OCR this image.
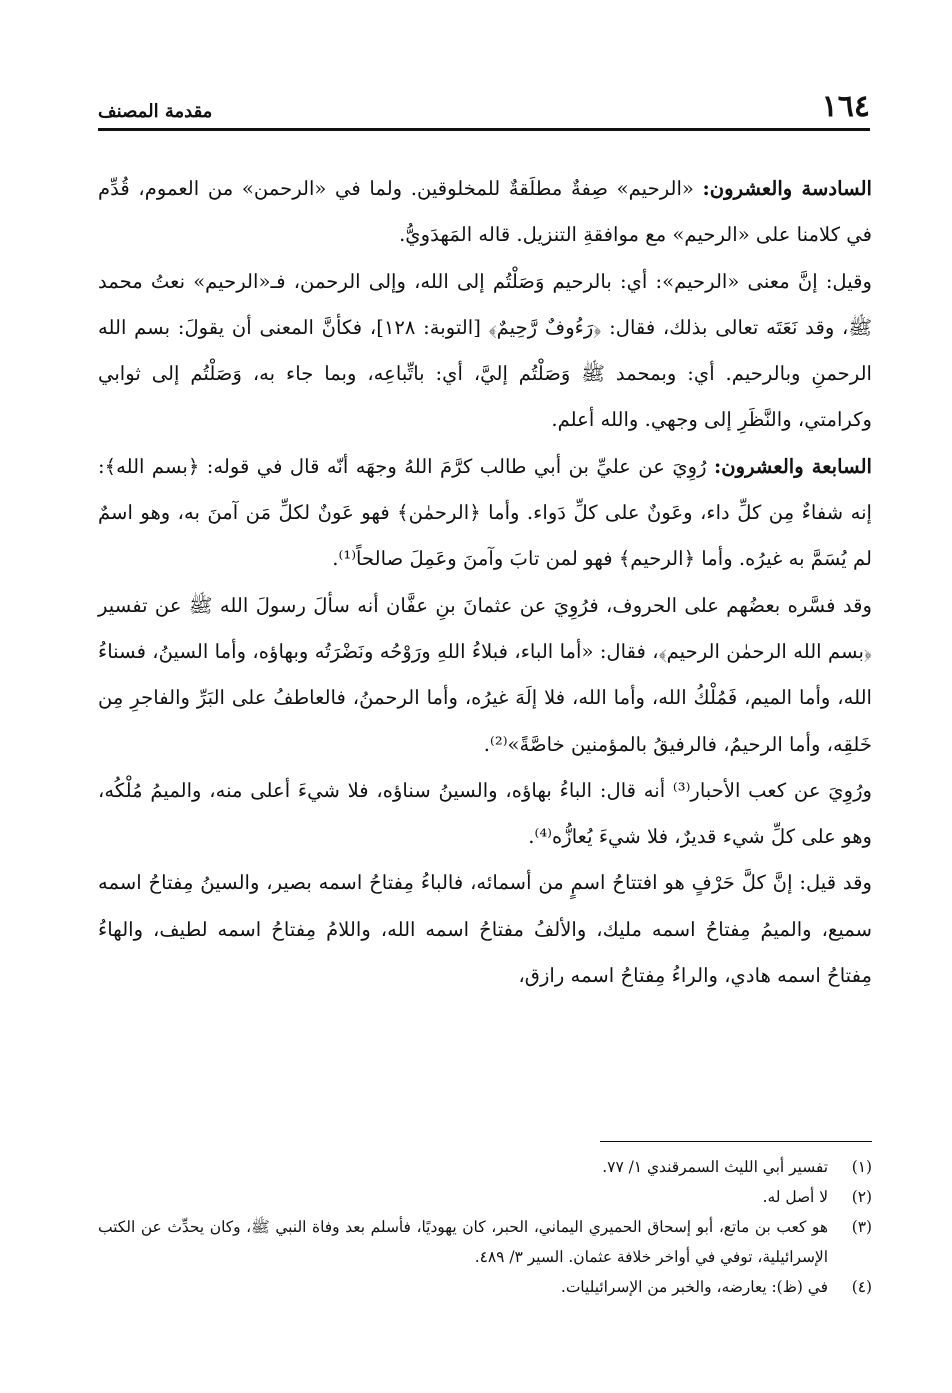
١٦٤
مقدمة المصنف

السادسة والعشرون: «الرحيم» صِفةٌ مطلَقةٌ للمخلوقين. ولما في «الرحمن» من العموم، قُدِّم في كلامنا على «الرحيم» مع موافقةِ التنزيل. قاله المَهدَويُّ.

وقيل: إنَّ معنى «الرحيم»: أي: بالرحيم وَصَلْتُم إلى الله، وإلى الرحمن، فـ«الرحيم» نعتُ محمد ﷺ، وقد نَعَتَه تعالى بذلك، فقال: ﴿رَءُوفٌ رَّحِيمٌ﴾ [التوبة: ١٢٨]، فكأنَّ المعنى أن يقولَ: بسم الله الرحمنِ وبالرحيم. أي: وبمحمد ﷺ وَصَلْتُم إليَّ، أي: باتِّباعِه، وبما جاء به، وَصَلْتُم إلى ثوابي وكرامتي، والنَّظَرِ إلى وجهي. والله أعلم.

السابعة والعشرون: رُوِيَ عن عليِّ بن أبي طالب كرَّمَ اللهُ وجهَه أنّه قال في قوله: ﴿بسم الله﴾: إنه شفاءٌ مِن كلِّ داء، وعَونٌ على كلِّ دَواء. وأما ﴿الرحمٰن﴾ فهو عَونٌ لكلِّ مَن آمنَ به، وهو اسمٌ لم يُسَمَّ به غيرُه. وأما ﴿الرحيم﴾ فهو لمن تابَ وآمنَ وعَمِلَ صالحاً⁽¹⁾.

وقد فسَّره بعضُهم على الحروف، فرُوِيَ عن عثمانَ بنِ عفَّان أنه سألَ رسولَ الله ﷺ عن تفسير ﴿بسم الله الرحمٰن الرحيم﴾، فقال: «أما الباء، فبلاءُ اللهِ ورَوْحُه ونَضْرَتُه وبهاؤه، وأما السينُ، فسناءُ الله، وأما الميم، فَمُلْكُ الله، وأما الله، فلا إلَهَ غيرُه، وأما الرحمنُ، فالعاطفُ على البَرِّ والفاجرِ مِن خَلقِه، وأما الرحيمُ، فالرفيقُ بالمؤمنين خاصَّةً»⁽²⁾.

ورُوِيَ عن كعب الأحبار⁽³⁾ أنه قال: الباءُ بهاؤه، والسينُ سناؤه، فلا شيءَ أعلى منه، والميمُ مُلْكُه، وهو على كلِّ شيء قديرٌ، فلا شيءَ يُعازُّه⁽⁴⁾.

وقد قيل: إنَّ كلَّ حَرْفٍ هو افتتاحُ اسمٍ من أسمائه، فالباءُ مِفتاحُ اسمه بصير، والسينُ مِفتاحُ اسمه سميع، والميمُ مِفتاحُ اسمه مليك، والألفُ مفتاحُ اسمه الله، واللامُ مِفتاحُ اسمه لطيف، والهاءُ مِفتاحُ اسمه هادي، والراءُ مِفتاحُ اسمه رازق،

(١)
تفسير أبي الليث السمرقندي ١/ ٧٧.
(٢)
لا أصل له.
(٣)
هو كعب بن ماتع، أبو إسحاق الحميري اليماني، الحبر، كان يهوديًا، فأسلم بعد وفاة النبي ﷺ، وكان يحدِّث عن الكتب الإسرائيلية، توفي في أواخر خلافة عثمان. السير ٣/ ٤٨٩.
(٤)
في (ظ): يعارضه، والخبر من الإسرائيليات.
